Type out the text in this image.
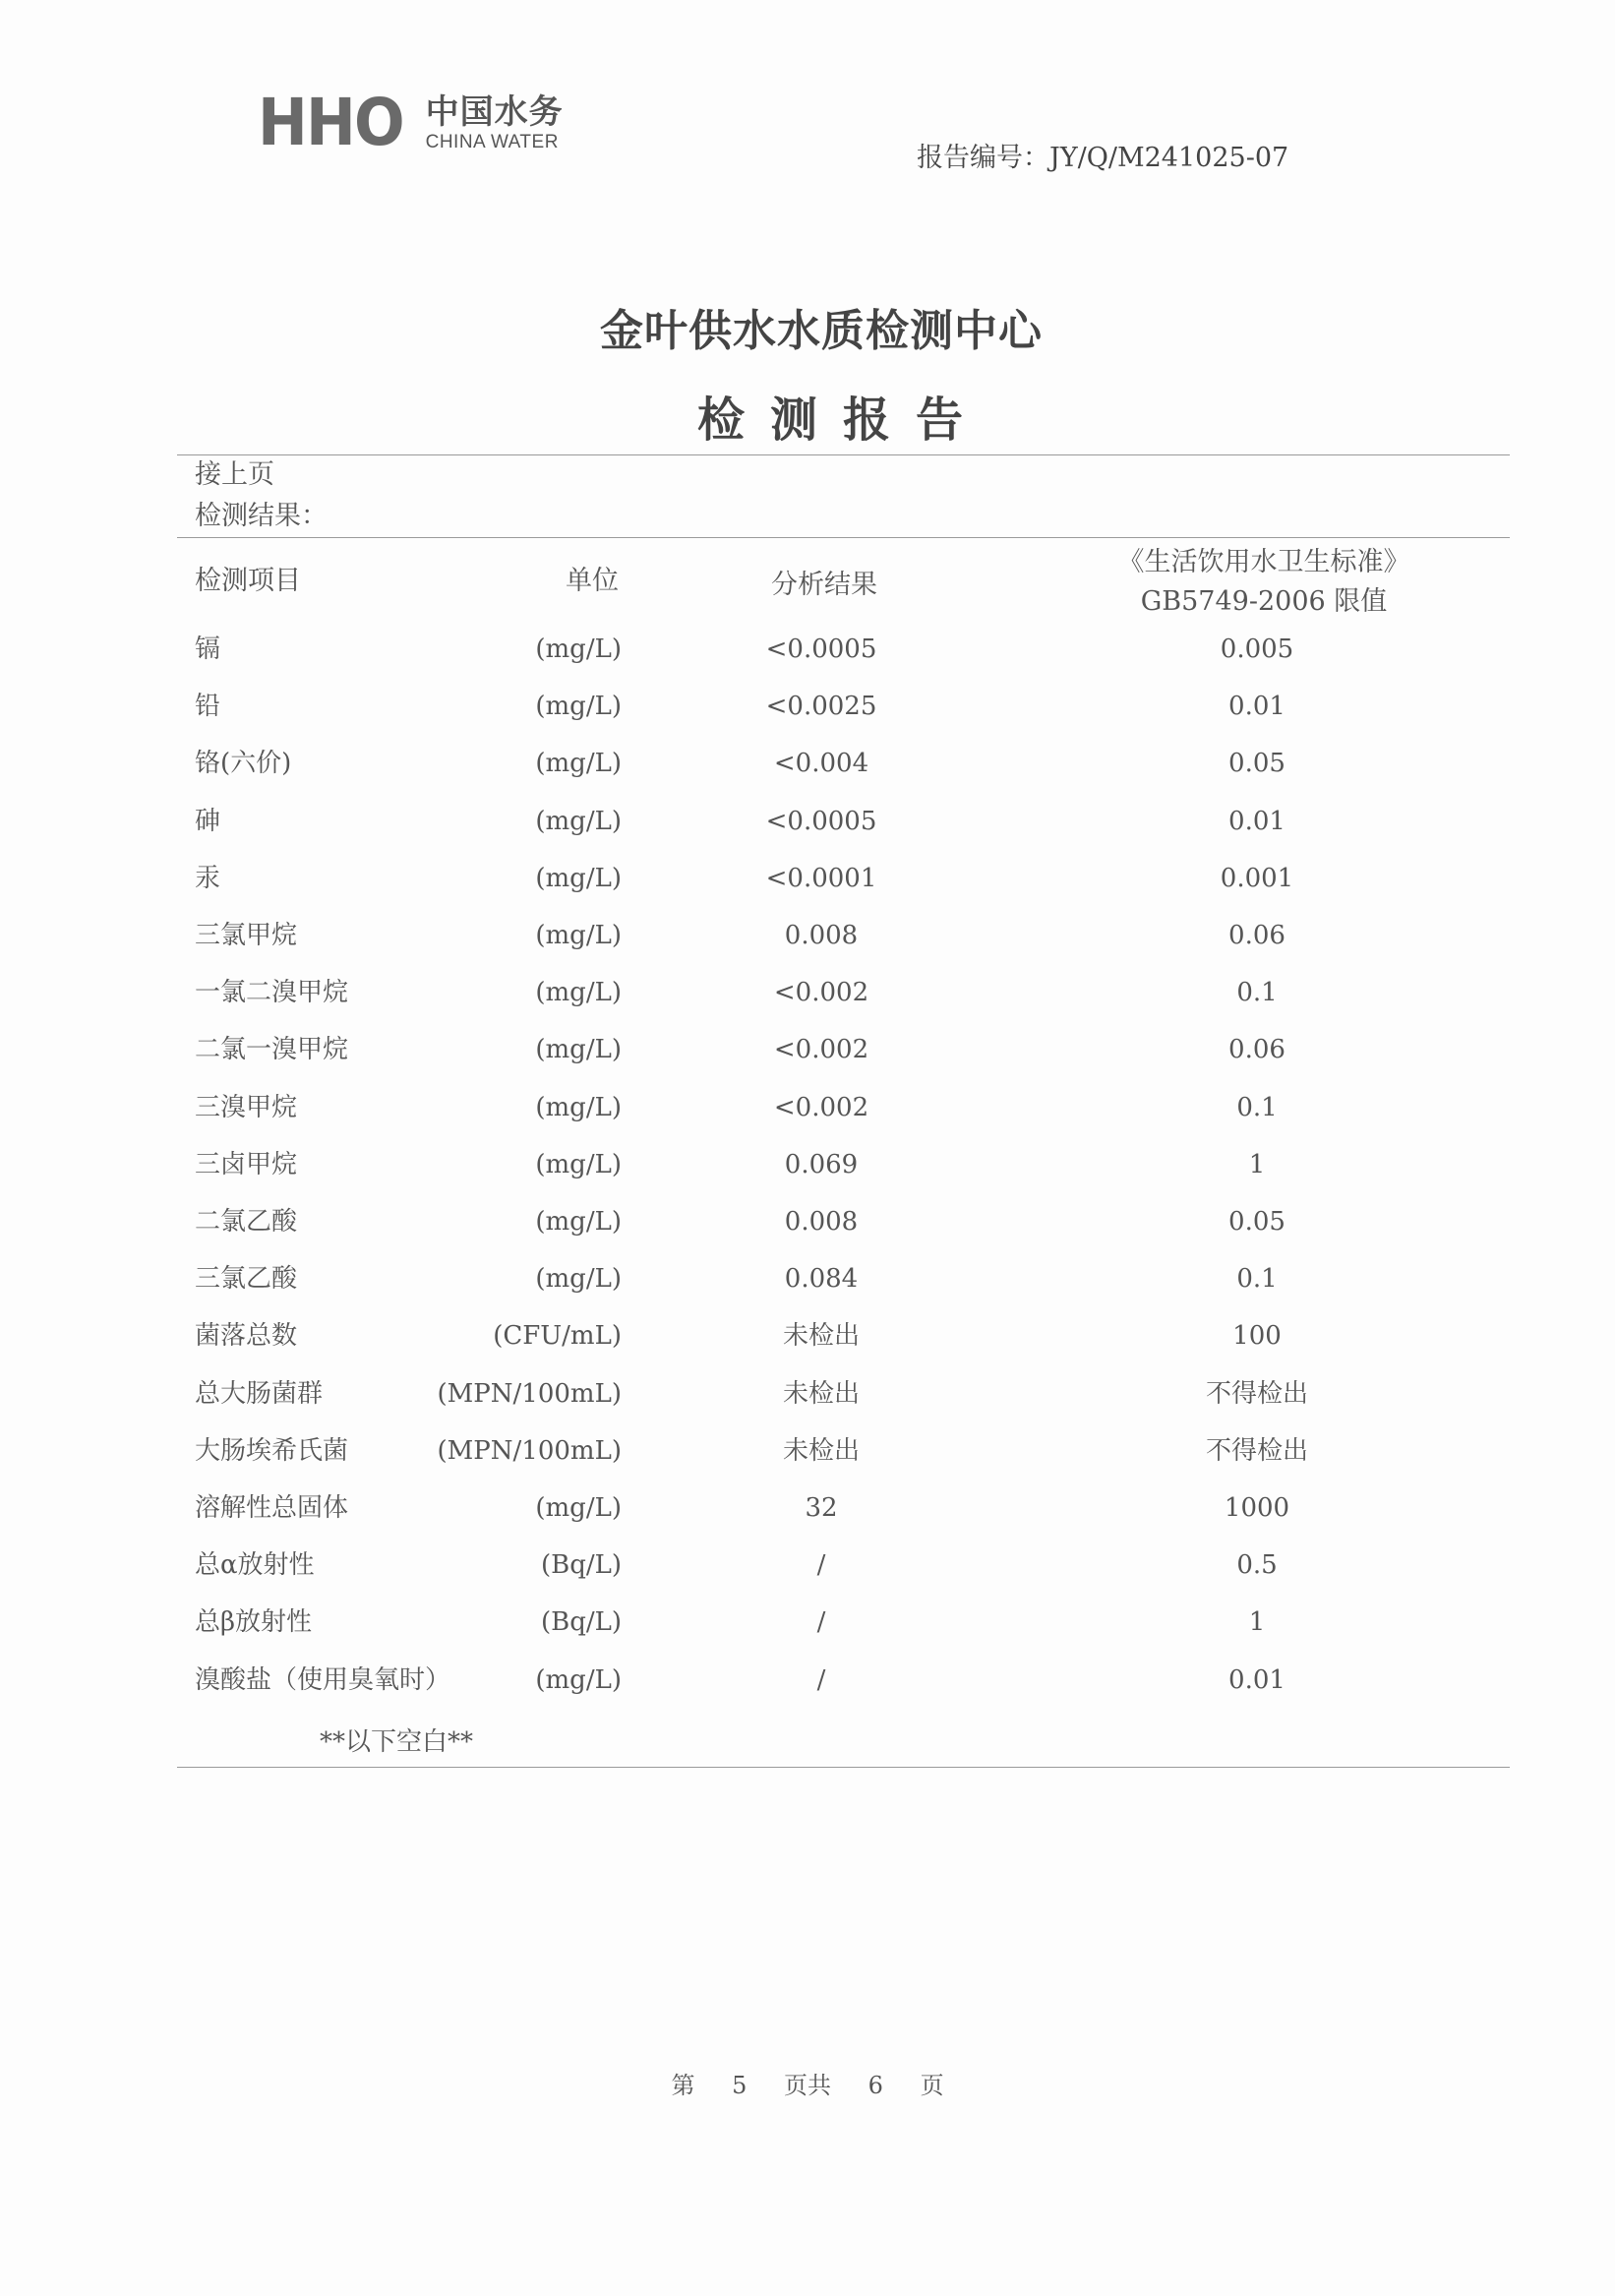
HHO 中国水务
CHINA WATER
报告编号：JY/Q/M241025-07
金叶供水水质检测中心
检测报告
接上页
检测结果：
检测项目	单位	分析结果
《生活饮用水卫生标准》
GB5749-2006 限值
镉	(mg/L)	<0.0005	0.005
铅	(mg/L)	<0.0025	0.01
铬(六价)	(mg/L)	<0.004	0.05
砷	(mg/L)	<0.0005	0.01
汞	(mg/L)	<0.0001	0.001
三氯甲烷	(mg/L)	0.008	0.06
一氯二溴甲烷	(mg/L)	<0.002	0.1
二氯一溴甲烷	(mg/L)	<0.002	0.06
三溴甲烷	(mg/L)	<0.002	0.1
三卤甲烷	(mg/L)	0.069	1
二氯乙酸	(mg/L)	0.008	0.05
三氯乙酸	(mg/L)	0.084	0.1
菌落总数	(CFU/mL)	未检出	100
总大肠菌群	(MPN/100mL)	未检出	不得检出
大肠埃希氏菌	(MPN/100mL)	未检出	不得检出
溶解性总固体	(mg/L)	32	1000
总α放射性	(Bq/L)	/	0.5
总β放射性	(Bq/L)	/	1
溴酸盐（使用臭氧时）	(mg/L)	/	0.01
**以下空白**
第 5 页共 6 页
